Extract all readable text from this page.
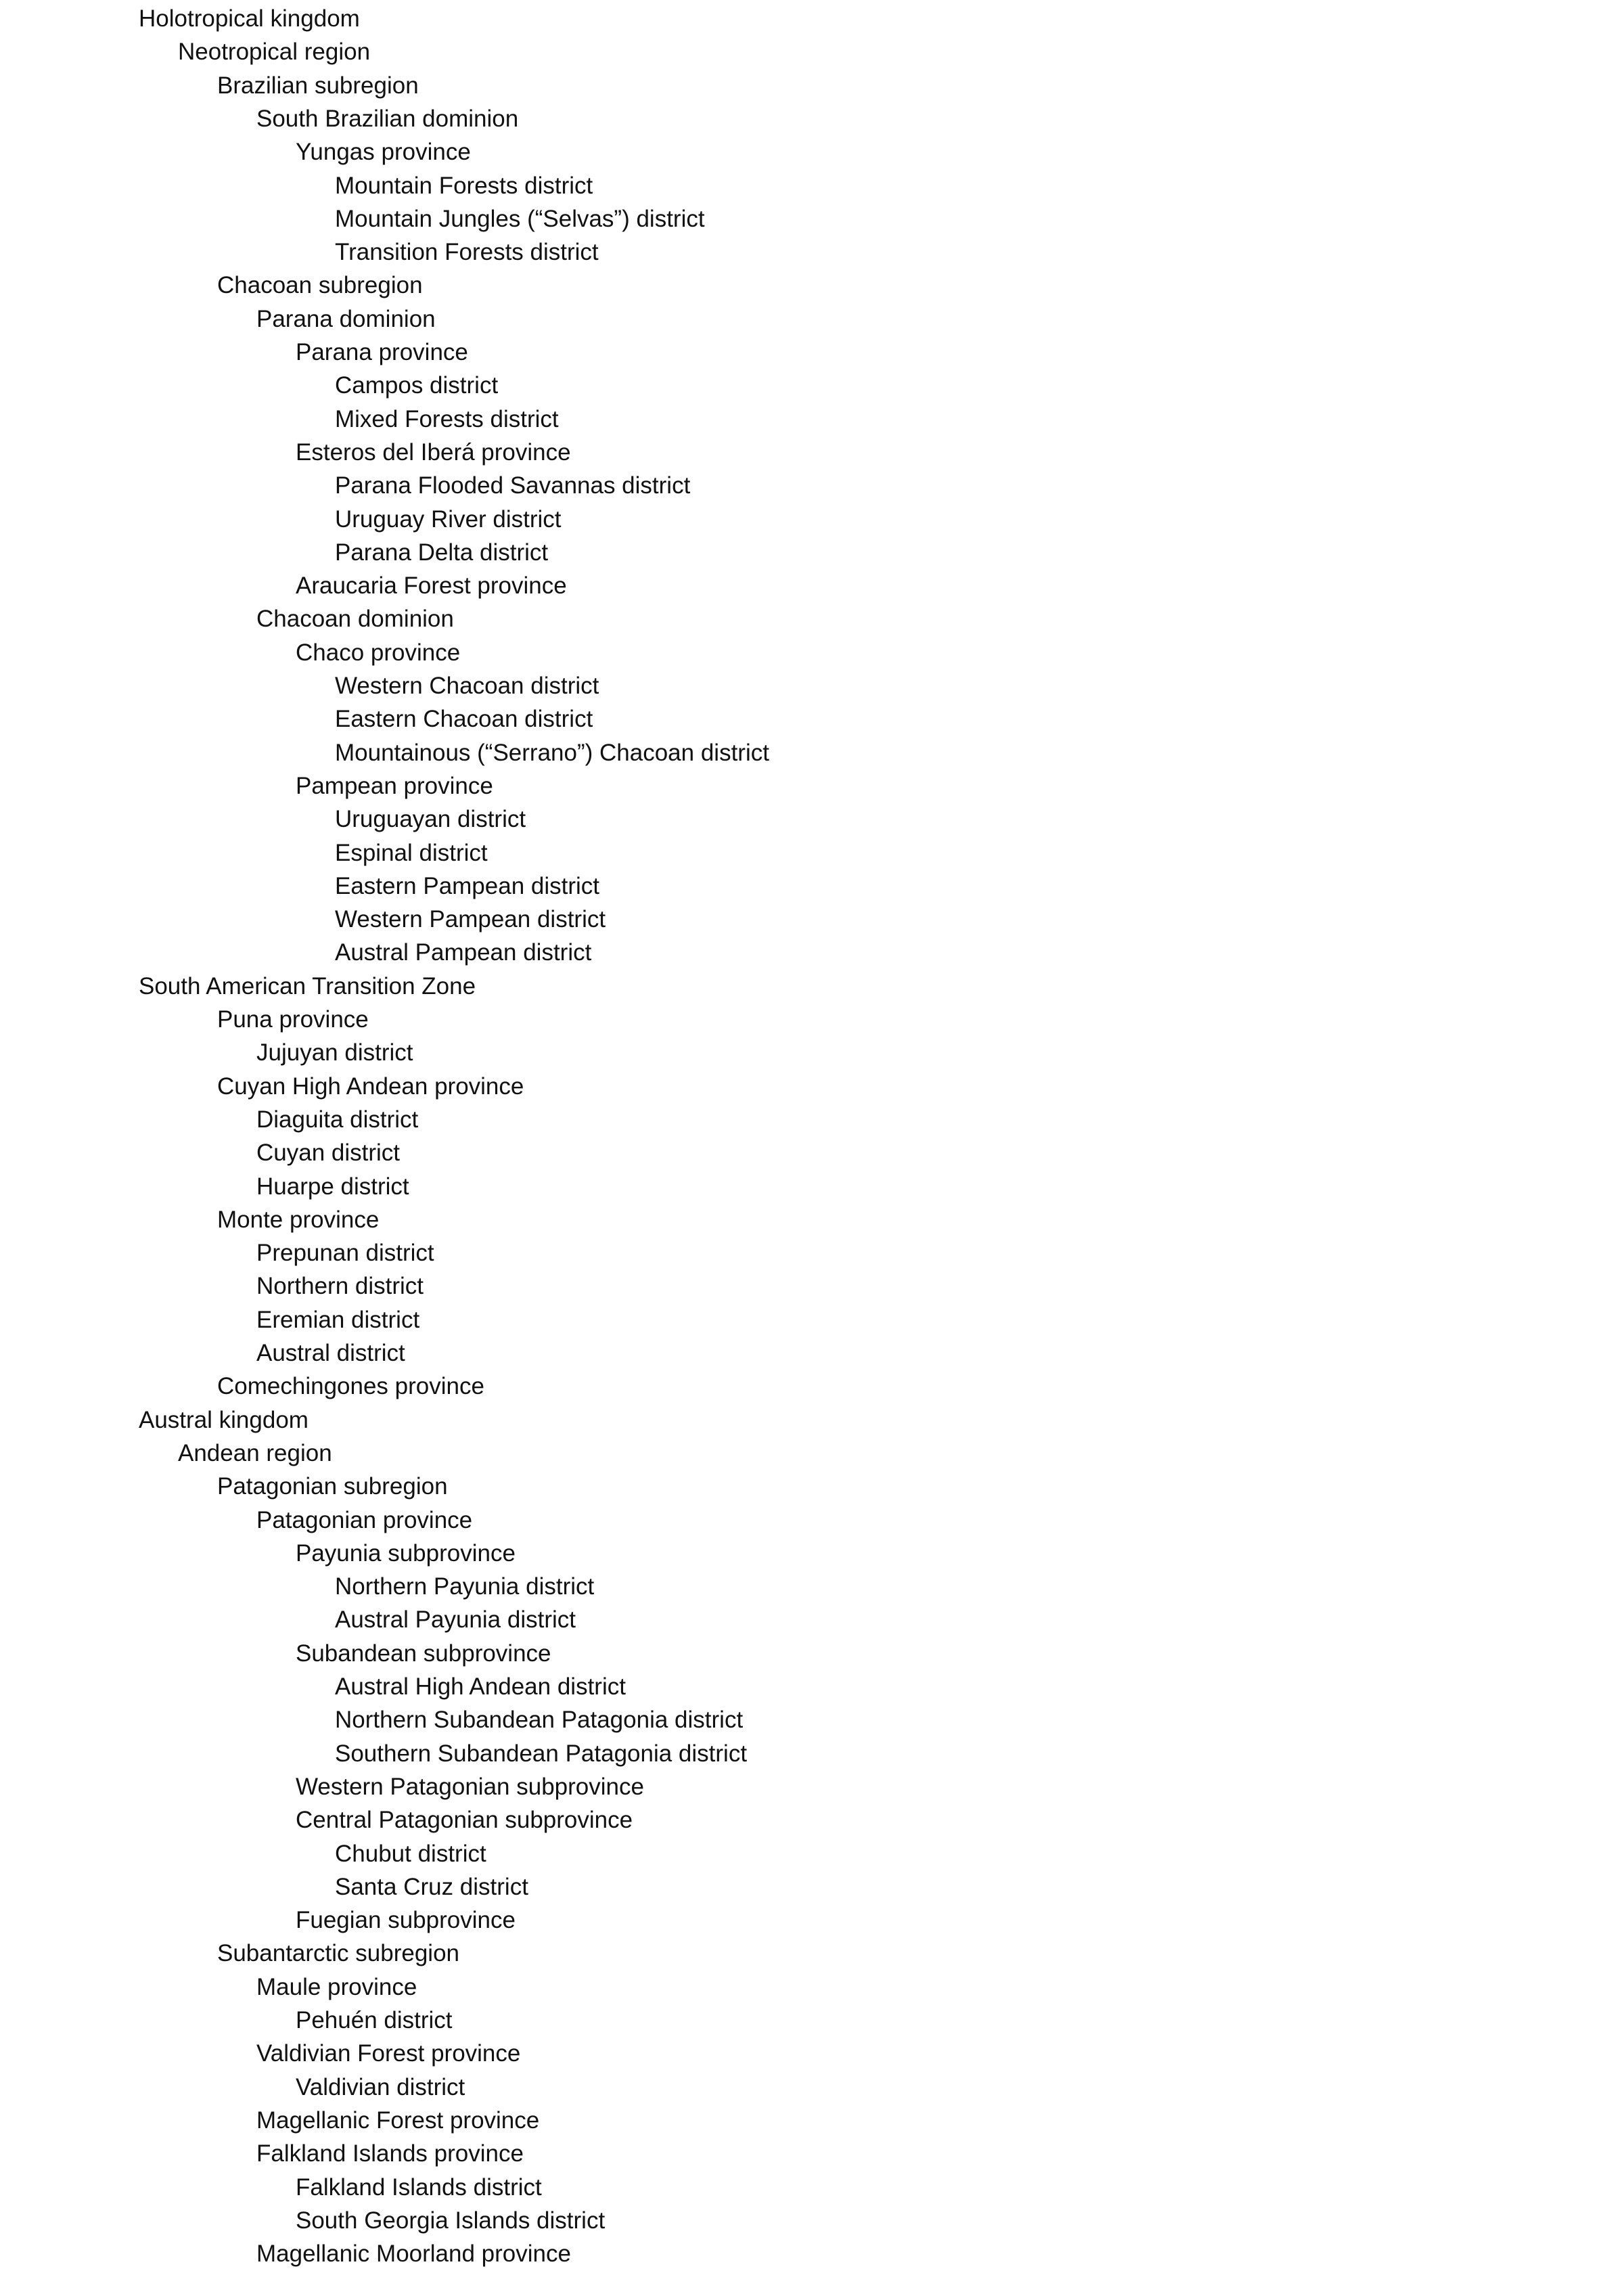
Holotropical kingdom

Neotropical region

Brazilian subregion

South Brazilian dominion

Yungas province

Mountain Forests district

Mountain Jungles (“Selvas”) district

Transition Forests district

Chacoan subregion

Parana dominion

Parana province

Campos district

Mixed Forests district

Esteros del Iberá province

Parana Flooded Savannas district

Uruguay River district

Parana Delta district

Araucaria Forest province

Chacoan dominion

Chaco province

Western Chacoan district

Eastern Chacoan district

Mountainous (“Serrano”) Chacoan district

Pampean province

Uruguayan district

Espinal district

Eastern Pampean district

Western Pampean district

Austral Pampean district

South American Transition Zone

Puna province

Jujuyan district

Cuyan High Andean province

Diaguita district

Cuyan district

Huarpe district

Monte province

Prepunan district

Northern district

Eremian district

Austral district

Comechingones province

Austral kingdom

Andean region

Patagonian subregion

Patagonian province

Payunia subprovince

Northern Payunia district

Austral Payunia district

Subandean subprovince

Austral High Andean district

Northern Subandean Patagonia district

Southern Subandean Patagonia district

Western Patagonian subprovince

Central Patagonian subprovince

Chubut district

Santa Cruz district

Fuegian subprovince

Subantarctic subregion

Maule province

Pehuén district

Valdivian Forest province

Valdivian district

Magellanic Forest province

Falkland Islands province

Falkland Islands district

South Georgia Islands district

Magellanic Moorland province
